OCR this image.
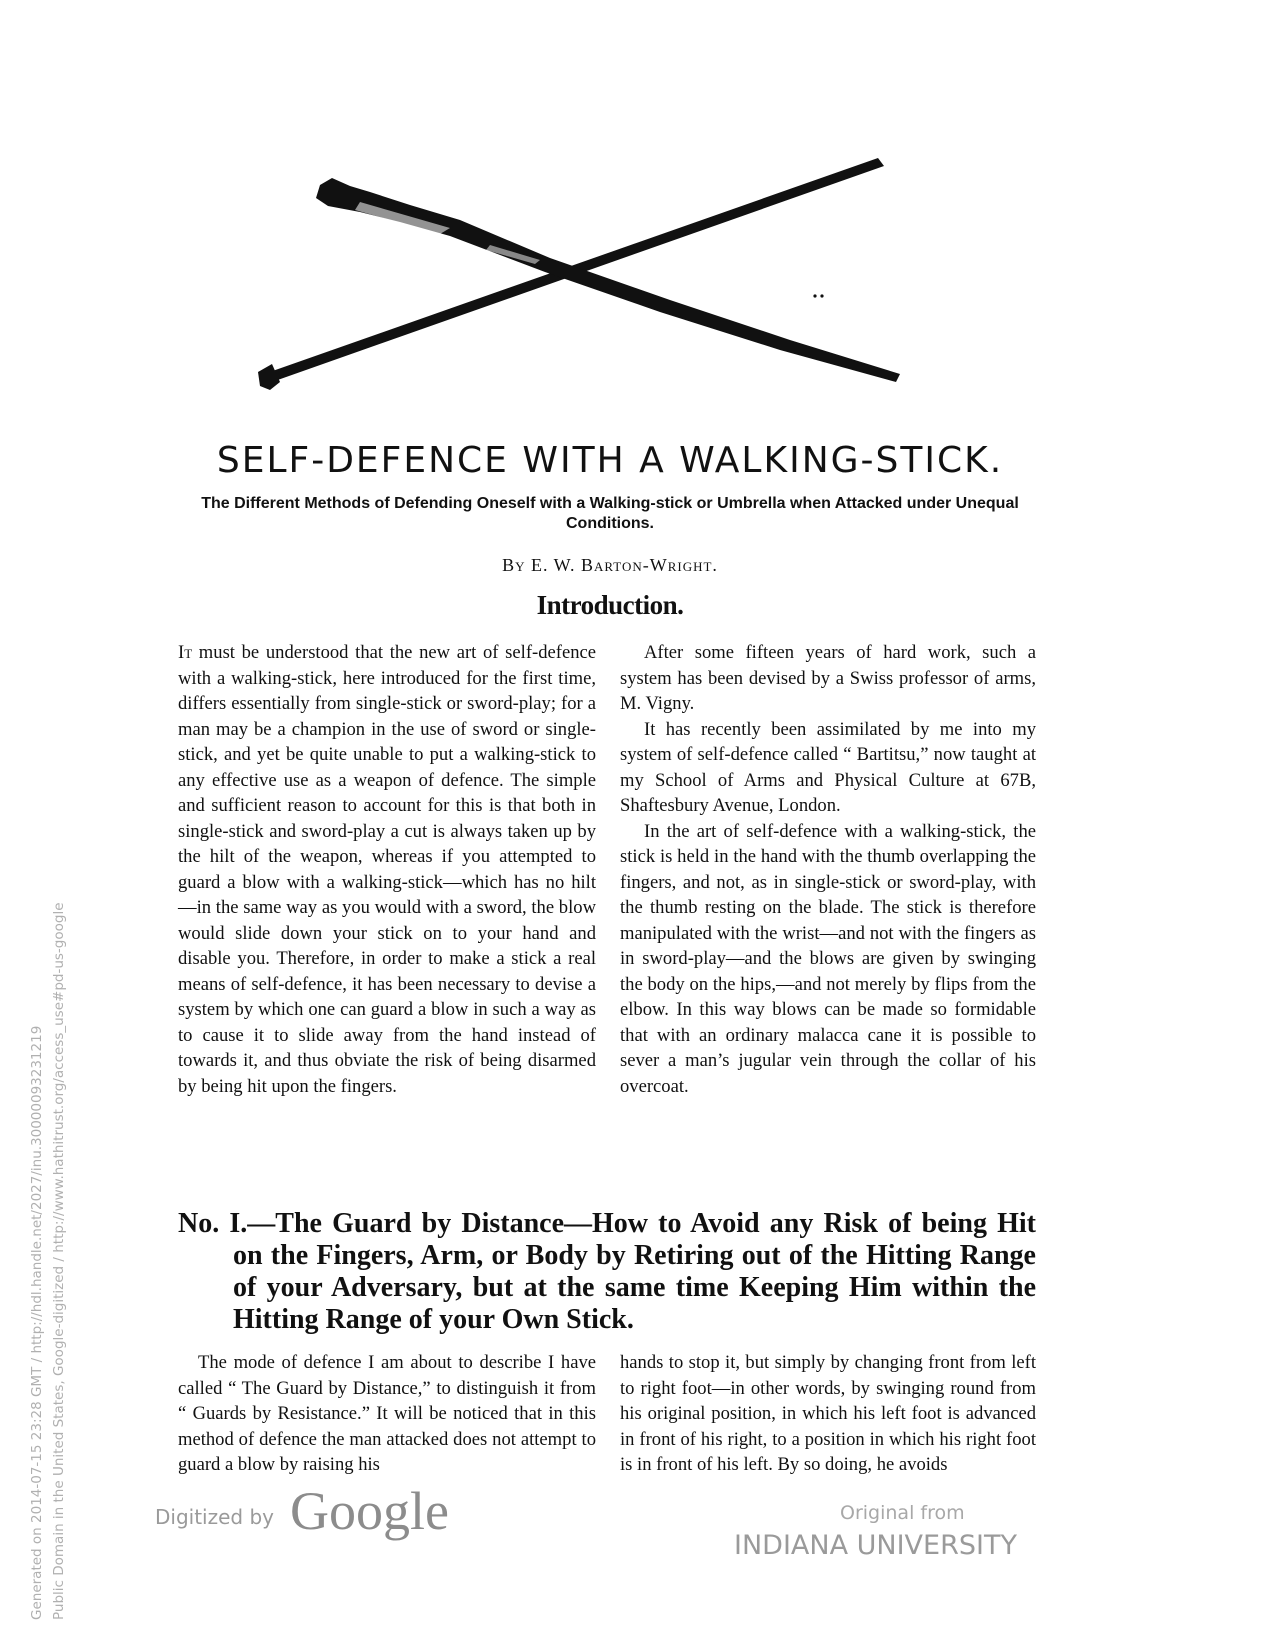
SELF-DEFENCE WITH A WALKING-STICK.
The Different Methods of Defending Oneself with a Walking-stick or Umbrella when Attacked under Unequal Conditions.
By E. W. Barton-Wright.
Introduction.

It must be understood that the new art of self-defence with a walking-stick, here introduced for the first time, differs essentially from single-stick or sword-play; for a man may be a champion in the use of sword or single-stick, and yet be quite unable to put a walking-stick to any effective use as a weapon of defence. The simple and sufficient reason to account for this is that both in single-stick and sword-play a cut is always taken up by the hilt of the weapon, whereas if you attempted to guard a blow with a walking-stick—which has no hilt—in the same way as you would with a sword, the blow would slide down your stick on to your hand and disable you. Therefore, in order to make a stick a real means of self-defence, it has been necessary to devise a system by which one can guard a blow in such a way as to cause it to slide away from the hand instead of towards it, and thus obviate the risk of being disarmed by being hit upon the fingers.

After some fifteen years of hard work, such a system has been devised by a Swiss professor of arms, M. Vigny.

It has recently been assimilated by me into my system of self-defence called “ Bartitsu,” now taught at my School of Arms and Physical Culture at 67B, Shaftesbury Avenue, London.

In the art of self-defence with a walking-stick, the stick is held in the hand with the thumb overlapping the fingers, and not, as in single-stick or sword-play, with the thumb resting on the blade. The stick is therefore manipulated with the wrist—and not with the fingers as in sword-play—and the blows are given by swinging the body on the hips,—and not merely by flips from the elbow. In this way blows can be made so formidable that with an ordinary malacca cane it is possible to sever a man’s jugular vein through the collar of his overcoat.

No. I.—The Guard by Distance—How to Avoid any Risk of being Hit on the Fingers, Arm, or Body by Retiring out of the Hitting Range of your Adversary, but at the same time Keeping Him within the Hitting Range of your Own Stick.

The mode of defence I am about to describe I have called “ The Guard by Distance,” to distinguish it from “ Guards by Resistance.” It will be noticed that in this method of defence the man attacked does not attempt to guard a blow by raising his

hands to stop it, but simply by changing front from left to right foot—in other words, by swinging round from his original position, in which his left foot is advanced in front of his right, to a position in which his right foot is in front of his left. By so doing, he avoids

Digitized by Google	Original from
INDIANA UNIVERSITY
Generated on 2014-07-15 23:28 GMT / http://hdl.handle.net/2027/inu.30000093231219 Public Domain in the United States, Google-digitized / http://www.hathitrust.org/access_use#pd-us-google
